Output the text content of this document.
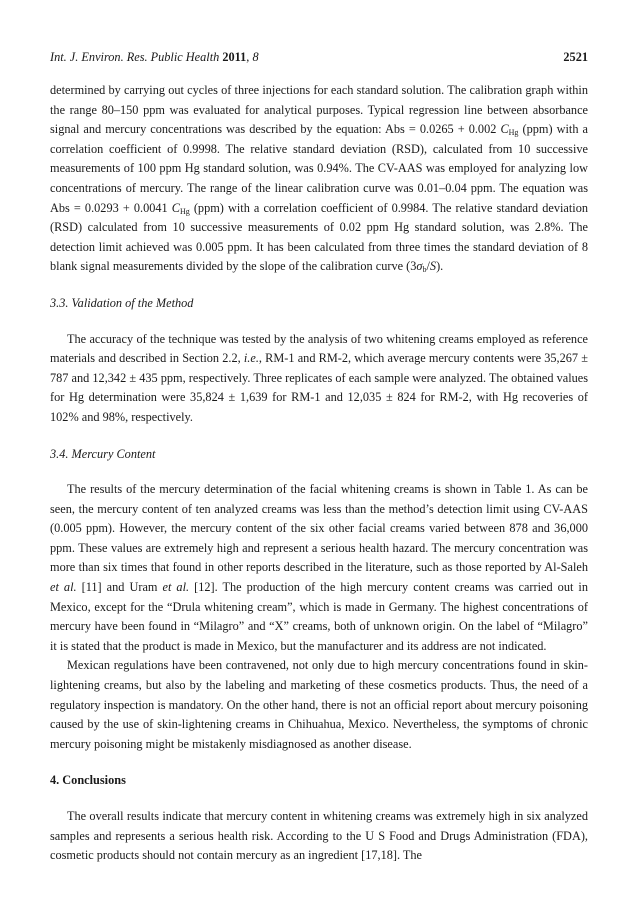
Int. J. Environ. Res. Public Health 2011, 8	2521

determined by carrying out cycles of three injections for each standard solution. The calibration graph within the range 80–150 ppm was evaluated for analytical purposes. Typical regression line between absorbance signal and mercury concentrations was described by the equation: Abs = 0.0265 + 0.002 $C_{Hg}$ (ppm) with a correlation coefficient of 0.9998. The relative standard deviation (RSD), calculated from 10 successive measurements of 100 ppm Hg standard solution, was 0.94%. The CV-AAS was employed for analyzing low concentrations of mercury. The range of the linear calibration curve was 0.01–0.04 ppm. The equation was Abs = 0.0293 + 0.0041 $C_{Hg}$ (ppm) with a correlation coefficient of 0.9984. The relative standard deviation (RSD) calculated from 10 successive measurements of 0.02 ppm Hg standard solution, was 2.8%. The detection limit achieved was 0.005 ppm. It has been calculated from three times the standard deviation of 8 blank signal measurements divided by the slope of the calibration curve $(3\sigma_b/S)$.

3.3. Validation of the Method

The accuracy of the technique was tested by the analysis of two whitening creams employed as reference materials and described in Section 2.2, i.e., RM-1 and RM-2, which average mercury contents were 35,267 ± 787 and 12,342 ± 435 ppm, respectively. Three replicates of each sample were analyzed. The obtained values for Hg determination were 35,824 ± 1,639 for RM-1 and 12,035 ± 824 for RM-2, with Hg recoveries of 102% and 98%, respectively.

3.4. Mercury Content

The results of the mercury determination of the facial whitening creams is shown in Table 1. As can be seen, the mercury content of ten analyzed creams was less than the method’s detection limit using CV-AAS (0.005 ppm). However, the mercury content of the six other facial creams varied between 878 and 36,000 ppm. These values are extremely high and represent a serious health hazard. The mercury concentration was more than six times that found in other reports described in the literature, such as those reported by Al-Saleh et al. [11] and Uram et al. [12]. The production of the high mercury content creams was carried out in Mexico, except for the “Drula whitening cream”, which is made in Germany. The highest concentrations of mercury have been found in “Milagro” and “X” creams, both of unknown origin. On the label of “Milagro” it is stated that the product is made in Mexico, but the manufacturer and its address are not indicated.

Mexican regulations have been contravened, not only due to high mercury concentrations found in skin-lightening creams, but also by the labeling and marketing of these cosmetics products. Thus, the need of a regulatory inspection is mandatory. On the other hand, there is not an official report about mercury poisoning caused by the use of skin-lightening creams in Chihuahua, Mexico. Nevertheless, the symptoms of chronic mercury poisoning might be mistakenly misdiagnosed as another disease.

4. Conclusions

The overall results indicate that mercury content in whitening creams was extremely high in six analyzed samples and represents a serious health risk. According to the U S Food and Drugs Administration (FDA), cosmetic products should not contain mercury as an ingredient [17,18]. The
